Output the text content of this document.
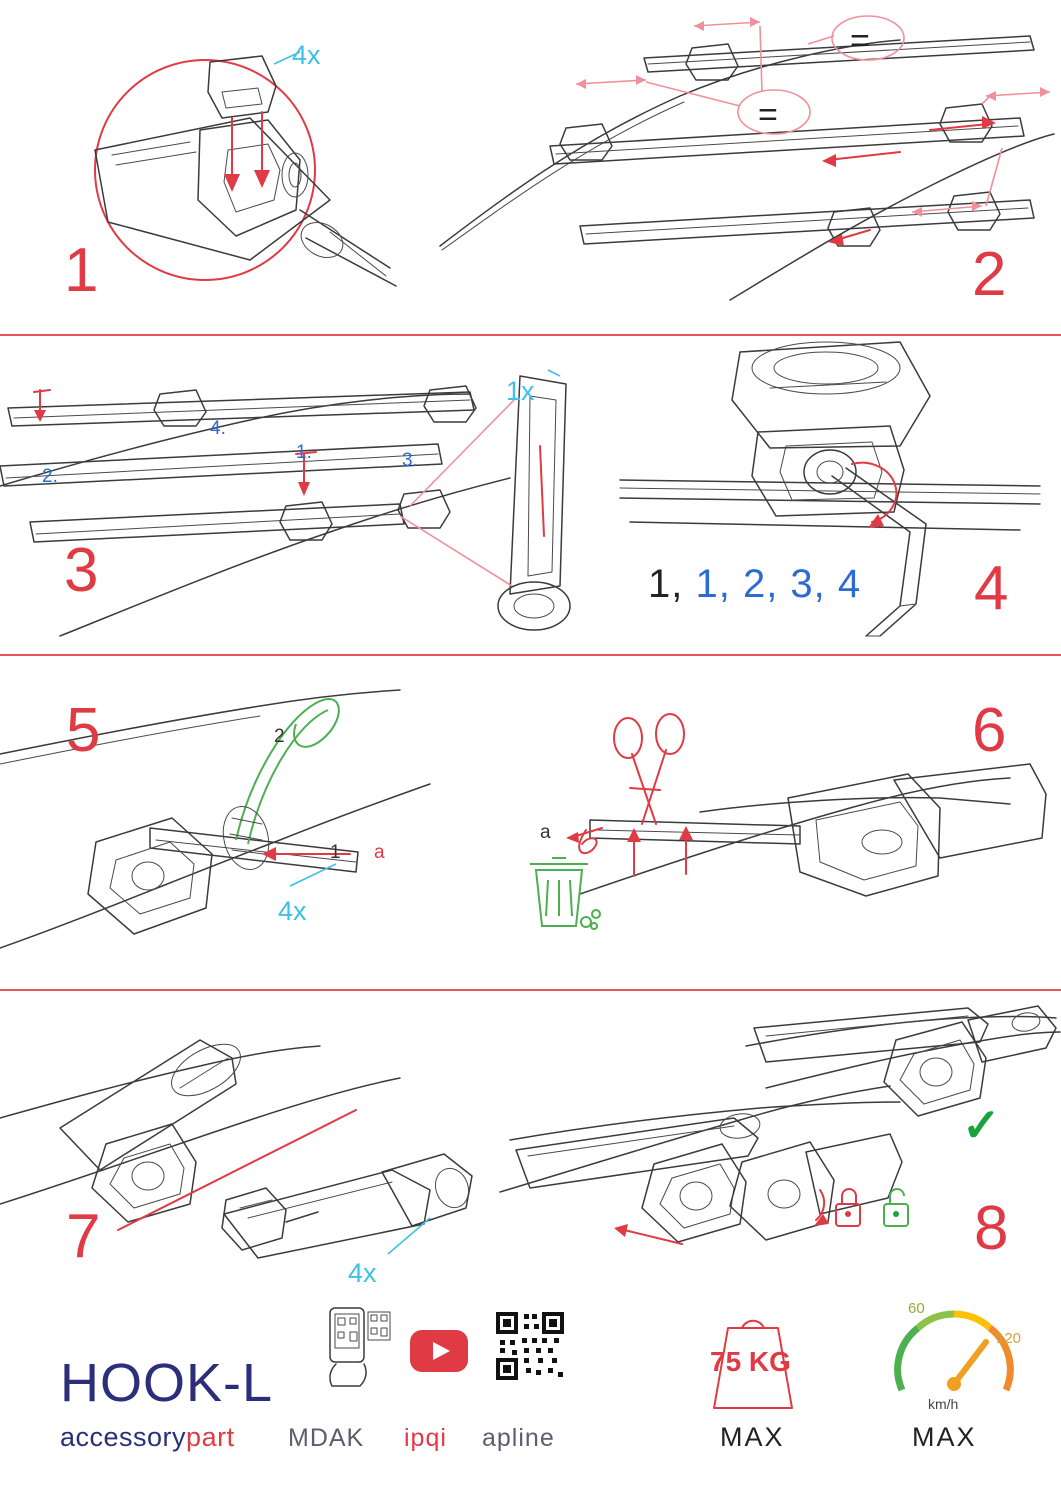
4x
1
=
=
2
2.
1.	3.
4.
1x
3	1, 1, 2, 3, 4 4
5	2
1 a
4x
a
6
4x
7
✓
8
HOOK-L
accessorypart MDAK ipqi apline
75 KG
MAX
60
120
km/h
MAX
